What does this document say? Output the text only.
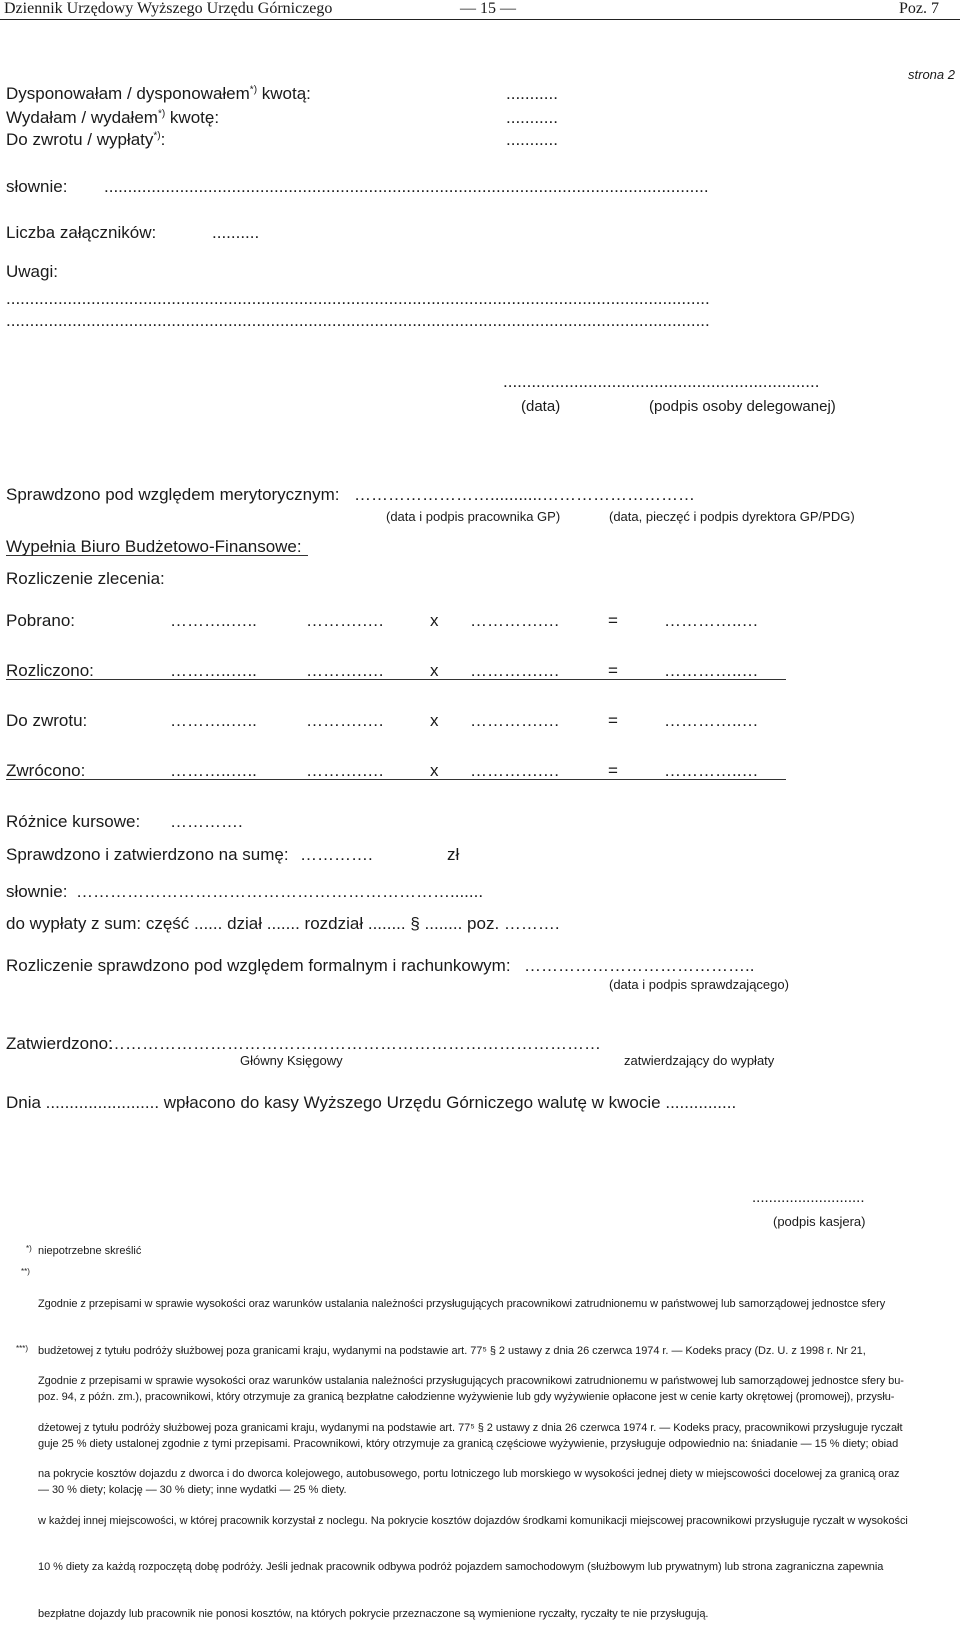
Dziennik Urzędowy Wyższego Urzędu Górniczego	— 15 —	Poz. 7
strona 2
Dysponowałam / dysponowałem*) kwotą:	...........
Wydałam / wydałem*) kwotę:	...........
Do zwrotu / wypłaty*):	...........
słownie: ................................................................................................................................
Liczba załączników:	..........
Uwagi:
.....................................................................................................................................................
.....................................................................................................................................................
...................................................................
(data)	(podpis osoby delegowanej)
Sprawdzono pod względem merytorycznym: ……………………...........………………………
(data i podpis pracownika GP)	(data, pieczęć i podpis dyrektora GP/PDG)
Wypełnia Biuro Budżetowo-Finansowe:
Rozliczenie zlecenia:
Pobrano:	………..…..	……….….	x ………….…	=	…………..…
Rozliczono:	………..…..	……….….	x ………….…	=	…………..…
Do zwrotu:	………..…..	……….….	x ………….…	=	…………..…
Zwrócono:	………..…..	……….….	x ………….…	=	…………..…
Różnice kursowe: ………….
Sprawdzono i zatwierdzono na sumę: ………….	zł
słownie: ………………………………………………………….......
do wypłaty z sum: część ...... dział ....... rozdział ........ § ........ poz. ……….
Rozliczenie sprawdzono pod względem formalnym i rachunkowym: …………………………………..
(data i podpis sprawdzającego)
Zatwierdzono:
……………………………………………………………………………
Główny Księgowy	zatwierdzający do wypłaty
Dnia ........................ wpłacono do kasy Wyższego Urzędu Górniczego walutę w kwocie ...............
...........................
(podpis kasjera)
*) niepotrzebne skreślić
**)

Zgodnie z przepisami w sprawie wysokości oraz warunków ustalania należności przysługujących pracownikowi zatrudnionemu w państwowej lub samorządowej jednostce sfery

budżetowej z tytułu podróży służbowej poza granicami kraju, wydanymi na podstawie art. 77⁵ § 2 ustawy z dnia 26 czerwca 1974 r. — Kodeks pracy (Dz. U. z 1998 r. Nr 21,

poz. 94, z późn. zm.), pracownikowi, który otrzymuje za granicą bezpłatne całodzienne wyżywienie lub gdy wyżywienie opłacone jest w cenie karty okrętowej (promowej), przysłu-

guje 25 % diety ustalonej zgodnie z tymi przepisami. Pracownikowi, który otrzymuje za granicą częściowe wyżywienie, przysługuje odpowiednio na: śniadanie — 15 % diety; obiad

— 30 % diety; kolację — 30 % diety; inne wydatki — 25 % diety.

***)

Zgodnie z przepisami w sprawie wysokości oraz warunków ustalania należności przysługujących pracownikowi zatrudnionemu w państwowej lub samorządowej jednostce sfery bu-

dżetowej z tytułu podróży służbowej poza granicami kraju, wydanymi na podstawie art. 77⁵ § 2 ustawy z dnia 26 czerwca 1974 r. — Kodeks pracy, pracownikowi przysługuje ryczałt

na pokrycie kosztów dojazdu z dworca i do dworca kolejowego, autobusowego, portu lotniczego lub morskiego w wysokości jednej diety w miejscowości docelowej za granicą oraz

w każdej innej miejscowości, w której pracownik korzystał z noclegu. Na pokrycie kosztów dojazdów środkami komunikacji miejscowej pracownikowi przysługuje ryczałt w wysokości

10 % diety za każdą rozpoczętą dobę podróży. Jeśli jednak pracownik odbywa podróż pojazdem samochodowym (służbowym lub prywatnym) lub strona zagraniczna zapewnia

bezpłatne dojazdy lub pracownik nie ponosi kosztów, na których pokrycie przeznaczone są wymienione ryczałty, ryczałty te nie przysługują.
